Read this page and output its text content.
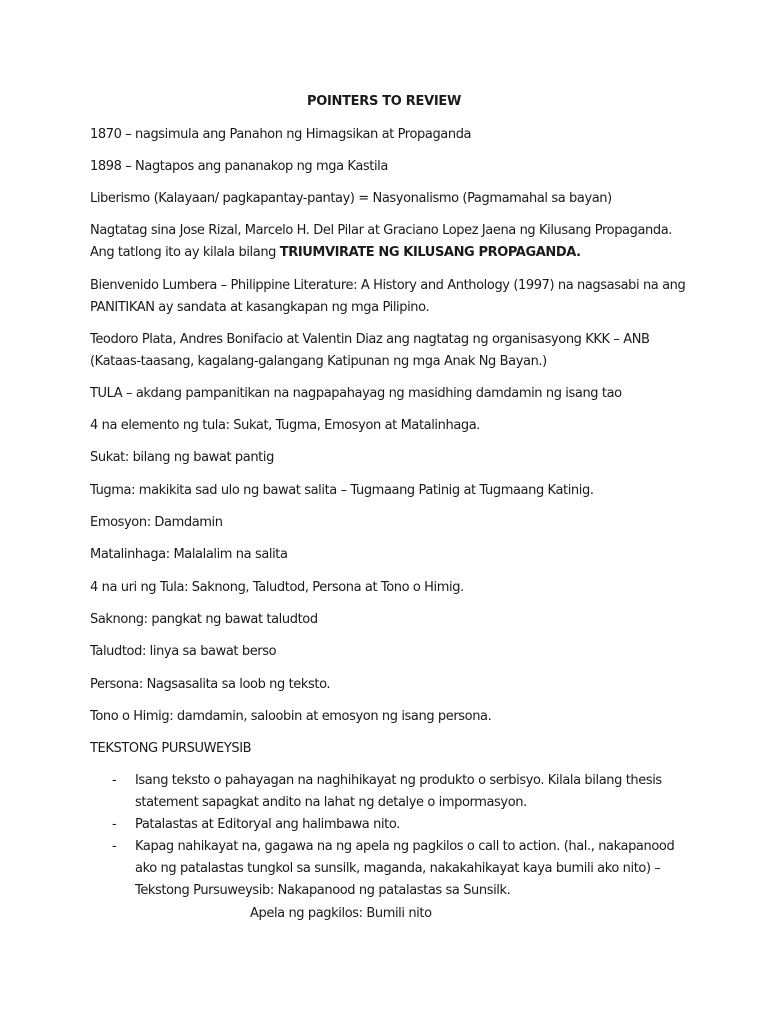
POINTERS TO REVIEW

1870 – nagsimula ang Panahon ng Himagsikan at Propaganda

1898 – Nagtapos ang pananakop ng mga Kastila

Liberismo (Kalayaan/ pagkapantay-pantay) = Nasyonalismo (Pagmamahal sa bayan)

Nagtatag sina Jose Rizal, Marcelo H. Del Pilar at Graciano Lopez Jaena ng Kilusang Propaganda. Ang tatlong ito ay kilala bilang TRIUMVIRATE NG KILUSANG PROPAGANDA.

Bienvenido Lumbera – Philippine Literature: A History and Anthology (1997) na nagsasabi na ang PANITIKAN ay sandata at kasangkapan ng mga Pilipino.

Teodoro Plata, Andres Bonifacio at Valentin Diaz ang nagtatag ng organisasyong KKK – ANB (Kataas-taasang, kagalang-galangang Katipunan ng mga Anak Ng Bayan.)

TULA – akdang pampanitikan na nagpapahayag ng masidhing damdamin ng isang tao

4 na elemento ng tula: Sukat, Tugma, Emosyon at Matalinhaga.

Sukat: bilang ng bawat pantig

Tugma: makikita sad ulo ng bawat salita – Tugmaang Patinig at Tugmaang Katinig.

Emosyon: Damdamin

Matalinhaga: Malalalim na salita

4 na uri ng Tula: Saknong, Taludtod, Persona at Tono o Himig.

Saknong: pangkat ng bawat taludtod

Taludtod: linya sa bawat berso

Persona: Nagsasalita sa loob ng teksto.

Tono o Himig: damdamin, saloobin at emosyon ng isang persona.

TEKSTONG PURSUWEYSIB

- Isang teksto o pahayagan na naghihikayat ng produkto o serbisyo. Kilala bilang thesis statement sapagkat andito na lahat ng detalye o impormasyon.
- Patalastas at Editoryal ang halimbawa nito.
- Kapag nahikayat na, gagawa na ng apela ng pagkilos o call to action. (hal., nakapanood ako ng patalastas tungkol sa sunsilk, maganda, nakakahikayat kaya bumili ako nito) – Tekstong Pursuweysib: Nakapanood ng patalastas sa Sunsilk.
Apela ng pagkilos: Bumili nito
